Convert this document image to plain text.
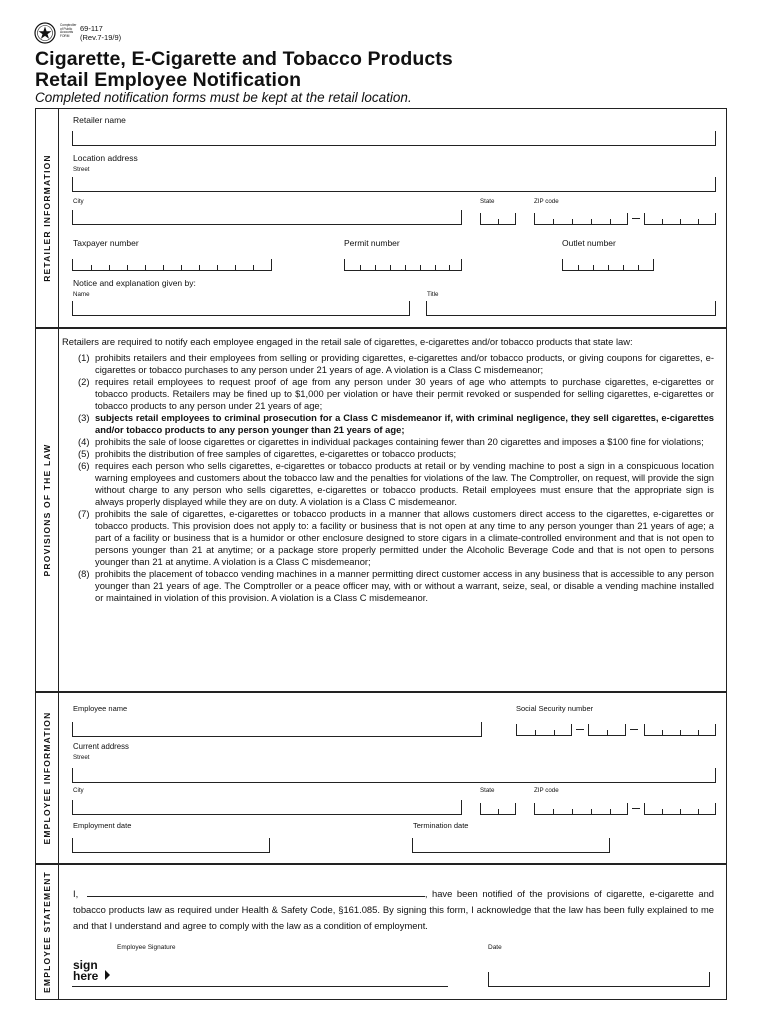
Comptroller
of Public
Accounts
FORM
69-117
(Rev.7-19/9)
Cigarette, E-Cigarette and Tobacco Products
Retail Employee Notification
Completed notification forms must be kept at the retail location.
RETAILER INFORMATION
Retailer name
Location address
Street
City	State	ZIP code
Taxpayer number	Permit number	Outlet number
Notice and explanation given by:
Name	Title
PROVISIONS OF THE LAW

Retailers are required to notify each employee engaged in the retail sale of cigarettes, e-cigarettes and/or tobacco products that state law:

(1) prohibits retailers and their employees from selling or providing cigarettes, e-cigarettes and/or tobacco products, or giving coupons for cigarettes, e-cigarettes or tobacco purchases to any person under 21 years of age. A violation is a Class C misdemeanor;
(2) requires retail employees to request proof of age from any person under 30 years of age who attempts to purchase cigarettes, e-cigarettes or tobacco products. Retailers may be fined up to $1,000 per violation or have their permit revoked or suspended for selling cigarettes, e-cigarettes or tobacco products to any person under 21 years of age;
(3) subjects retail employees to criminal prosecution for a Class C misdemeanor if, with criminal negligence, they sell cigarettes, e-cigarettes and/or tobacco products to any person younger than 21 years of age;
(4) prohibits the sale of loose cigarettes or cigarettes in individual packages containing fewer than 20 cigarettes and imposes a $100 fine for violations;
(5) prohibits the distribution of free samples of cigarettes, e-cigarettes or tobacco products;
(6) requires each person who sells cigarettes, e-cigarettes or tobacco products at retail or by vending machine to post a sign in a conspicuous location warning employees and customers about the tobacco law and the penalties for violations of the law. The Comptroller, on request, will provide the sign without charge to any person who sells cigarettes, e-cigarettes or tobacco products. Retail employees must ensure that the appropriate sign is always properly displayed while they are on duty. A violation is a Class C misdemeanor.
(7) prohibits the sale of cigarettes, e-cigarettes or tobacco products in a manner that allows customers direct access to the cigarettes, e-cigarettes or tobacco products. This provision does not apply to: a facility or business that is not open at any time to any person younger than 21 years of age; a part of a facility or business that is a humidor or other enclosure designed to store cigars in a climate-controlled environment and that is not open to persons younger than 21 at anytime; or a package store properly permitted under the Alcoholic Beverage Code and that is not open to persons younger than 21 at anytime. A violation is a Class C misdemeanor;
(8) prohibits the placement of tobacco vending machines in a manner permitting direct customer access in any business that is accessible to any person younger than 21 years of age. The Comptroller or a peace officer may, with or without a warrant, seize, seal, or disable a vending machine installed or maintained in violation of this provision. A violation is a Class C misdemeanor.
EMPLOYEE INFORMATION
Employee name	Social Security number
Current address
Street
City	State	ZIP code
Employment date	Termination date
EMPLOYEE STATEMENT I,	, have been notified of the provisions of cigarette, e-cigarette and tobacco products law as required under Health & Safety Code, §161.085. By signing this form, I acknowledge that the law has been fully explained to me and that I understand and agree to comply with the law as a condition of employment.
Employee Signature	Date
sign
here
